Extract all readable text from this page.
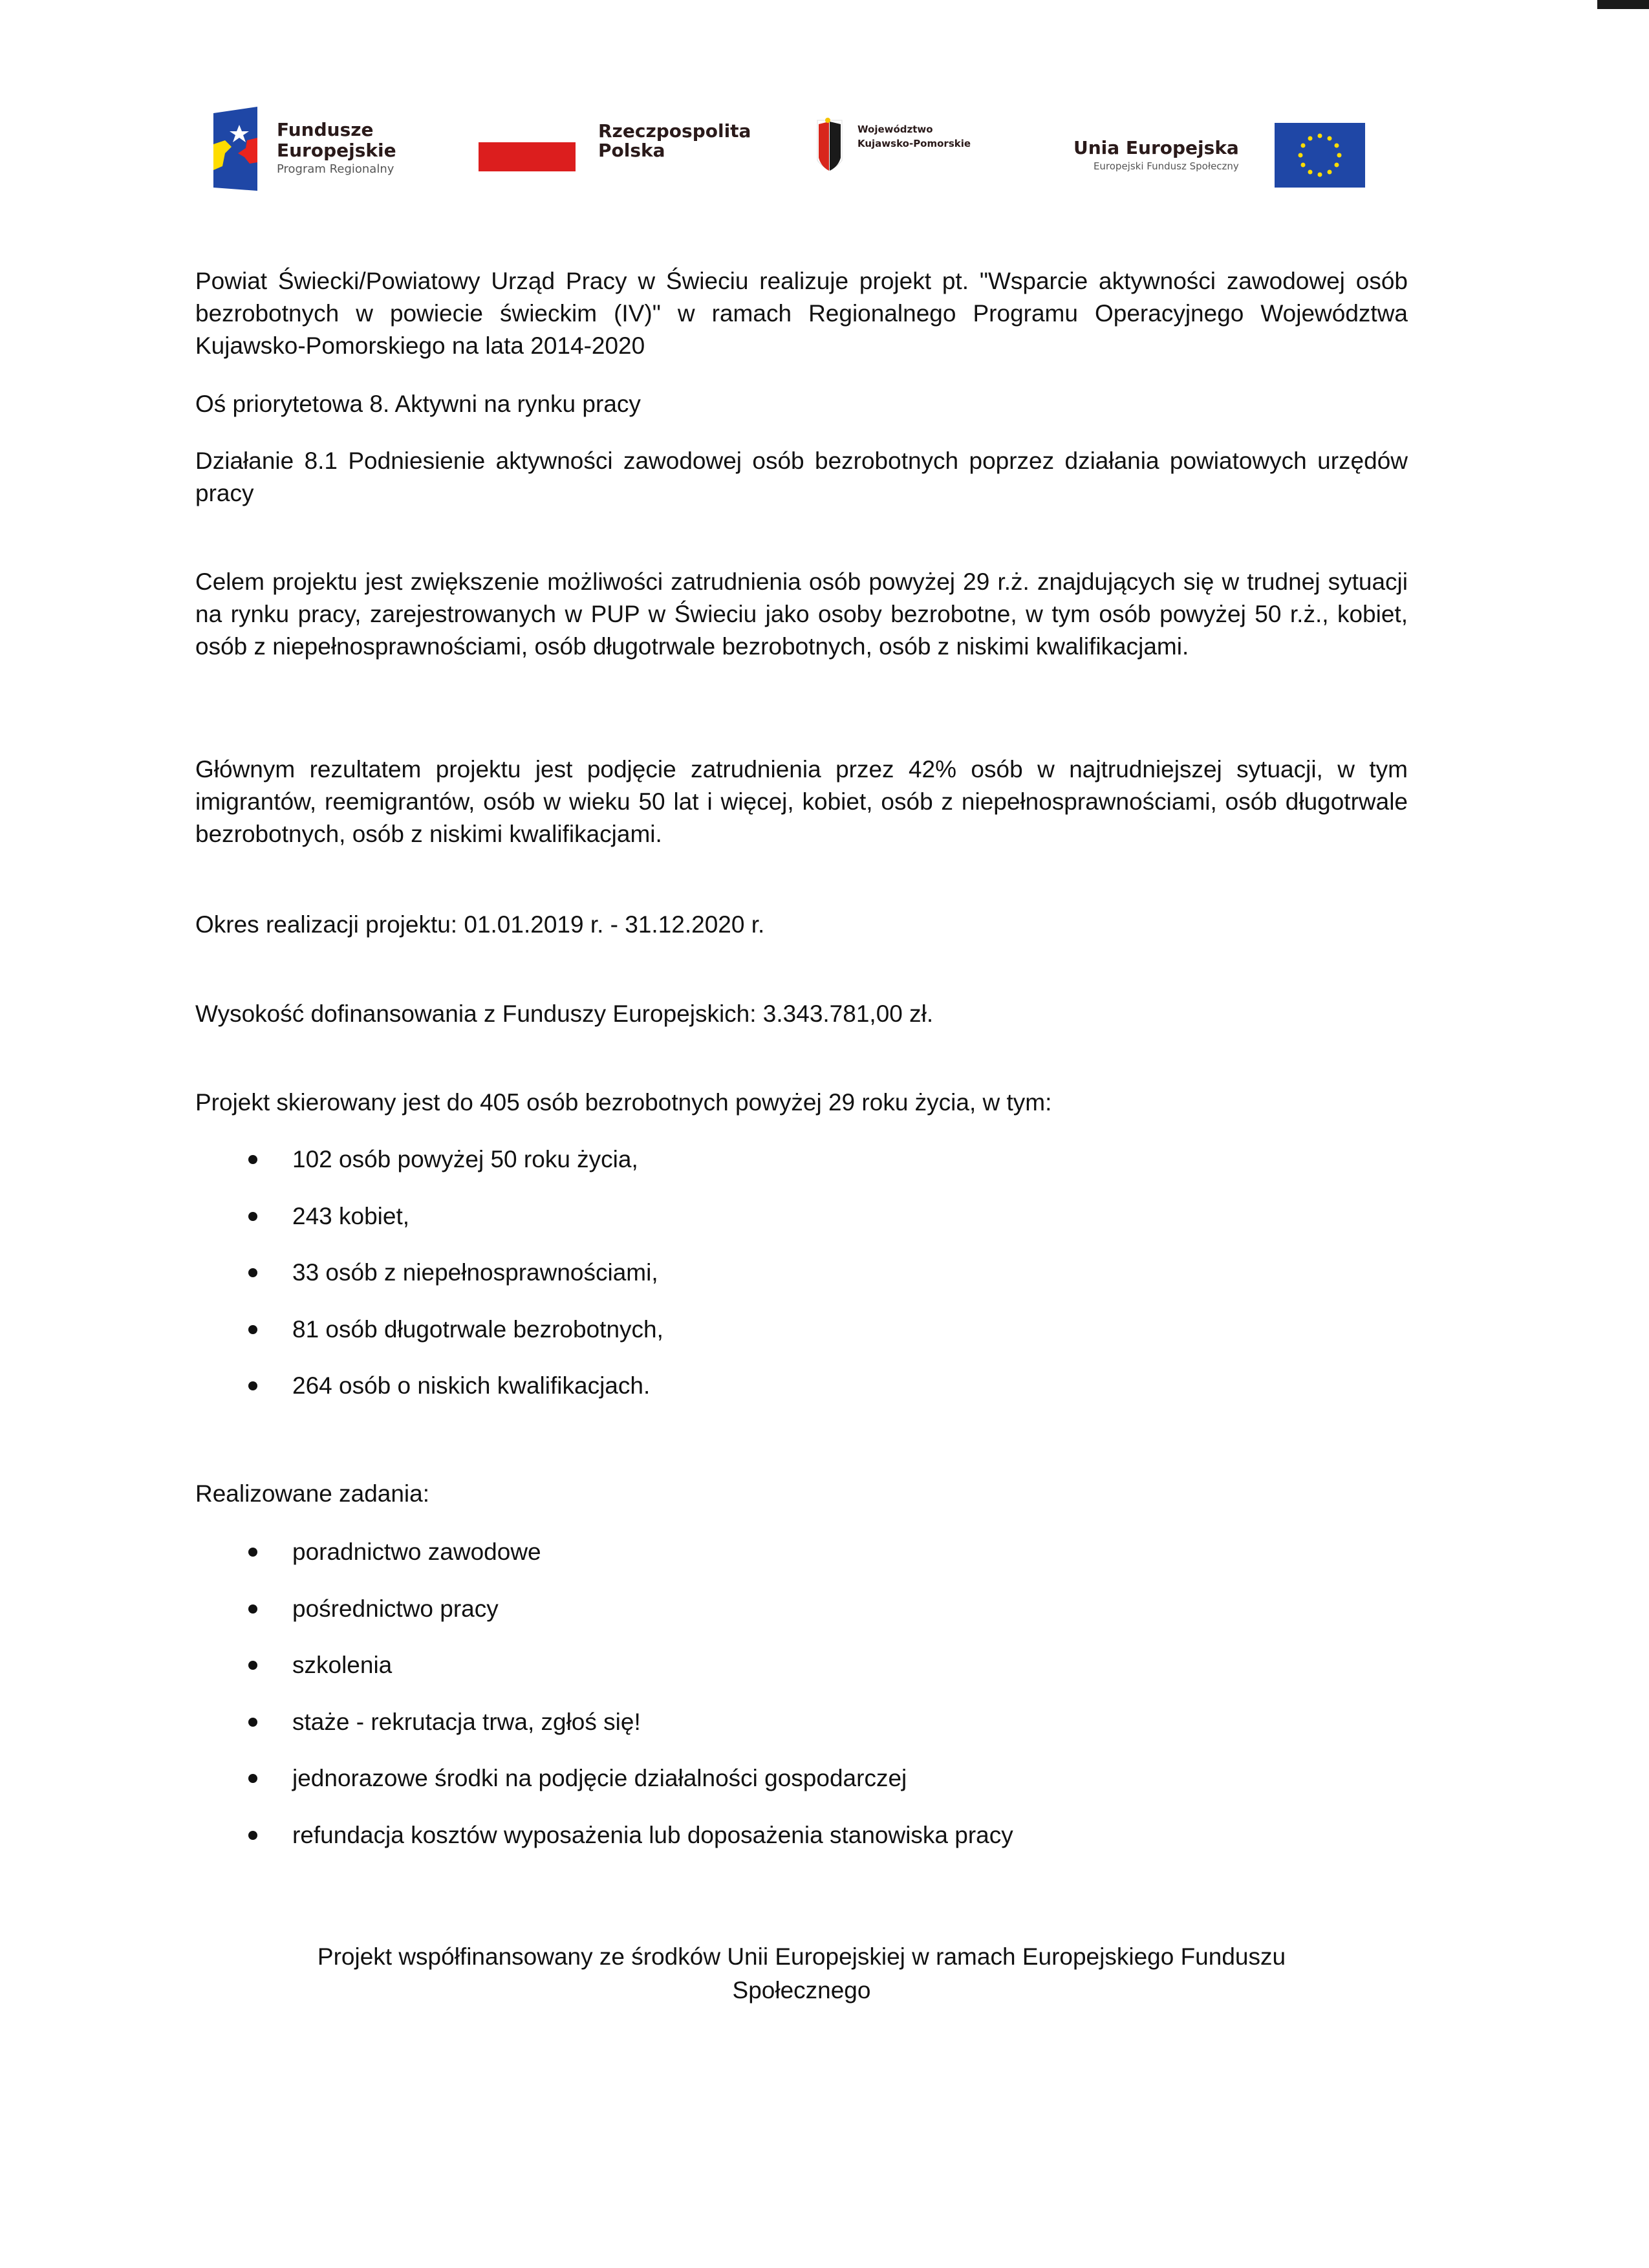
Fundusze
Europejskie
Program Regionalny
Rzeczpospolita
Polska
Województwo
Kujawsko-Pomorskie	Unia Europejska
Europejski Fundusz Społeczny

Powiat Świecki/Powiatowy Urząd Pracy w Świeciu realizuje projekt pt. "Wsparcie aktywności zawodowej osób bezrobotnych w powiecie świeckim (IV)" w ramach Regionalnego Programu Operacyjnego Województwa Kujawsko-Pomorskiego na lata 2014-2020

Oś priorytetowa 8. Aktywni na rynku pracy

Działanie 8.1 Podniesienie aktywności zawodowej osób bezrobotnych poprzez działania powiatowych urzędów pracy

Celem projektu jest zwiększenie możliwości zatrudnienia osób powyżej 29 r.ż. znajdujących się w trudnej sytuacji na rynku pracy, zarejestrowanych w PUP w Świeciu jako osoby bezrobotne, w tym osób powyżej 50 r.ż., kobiet, osób z niepełnosprawnościami, osób długotrwale bezrobotnych, osób z niskimi kwalifikacjami.

Głównym rezultatem projektu jest podjęcie zatrudnienia przez 42% osób w najtrudniejszej sytuacji, w tym imigrantów, reemigrantów, osób w wieku 50 lat i więcej, kobiet, osób z niepełnosprawnościami, osób długotrwale bezrobotnych, osób z niskimi kwalifikacjami.

Okres realizacji projektu: 01.01.2019 r. - 31.12.2020 r.

Wysokość dofinansowania z Funduszy Europejskich: 3.343.781,00 zł.

Projekt skierowany jest do 405 osób bezrobotnych powyżej 29 roku życia, w tym:

102 osób powyżej 50 roku życia,
243 kobiet,
33 osób z niepełnosprawnościami,
81 osób długotrwale bezrobotnych,
264 osób o niskich kwalifikacjach.

Realizowane zadania:

poradnictwo zawodowe
pośrednictwo pracy
szkolenia
staże - rekrutacja trwa, zgłoś się!
jednorazowe środki na podjęcie działalności gospodarczej
refundacja kosztów wyposażenia lub doposażenia stanowiska pracy
Projekt współfinansowany ze środków Unii Europejskiej w ramach Europejskiego Funduszu
Społecznego
